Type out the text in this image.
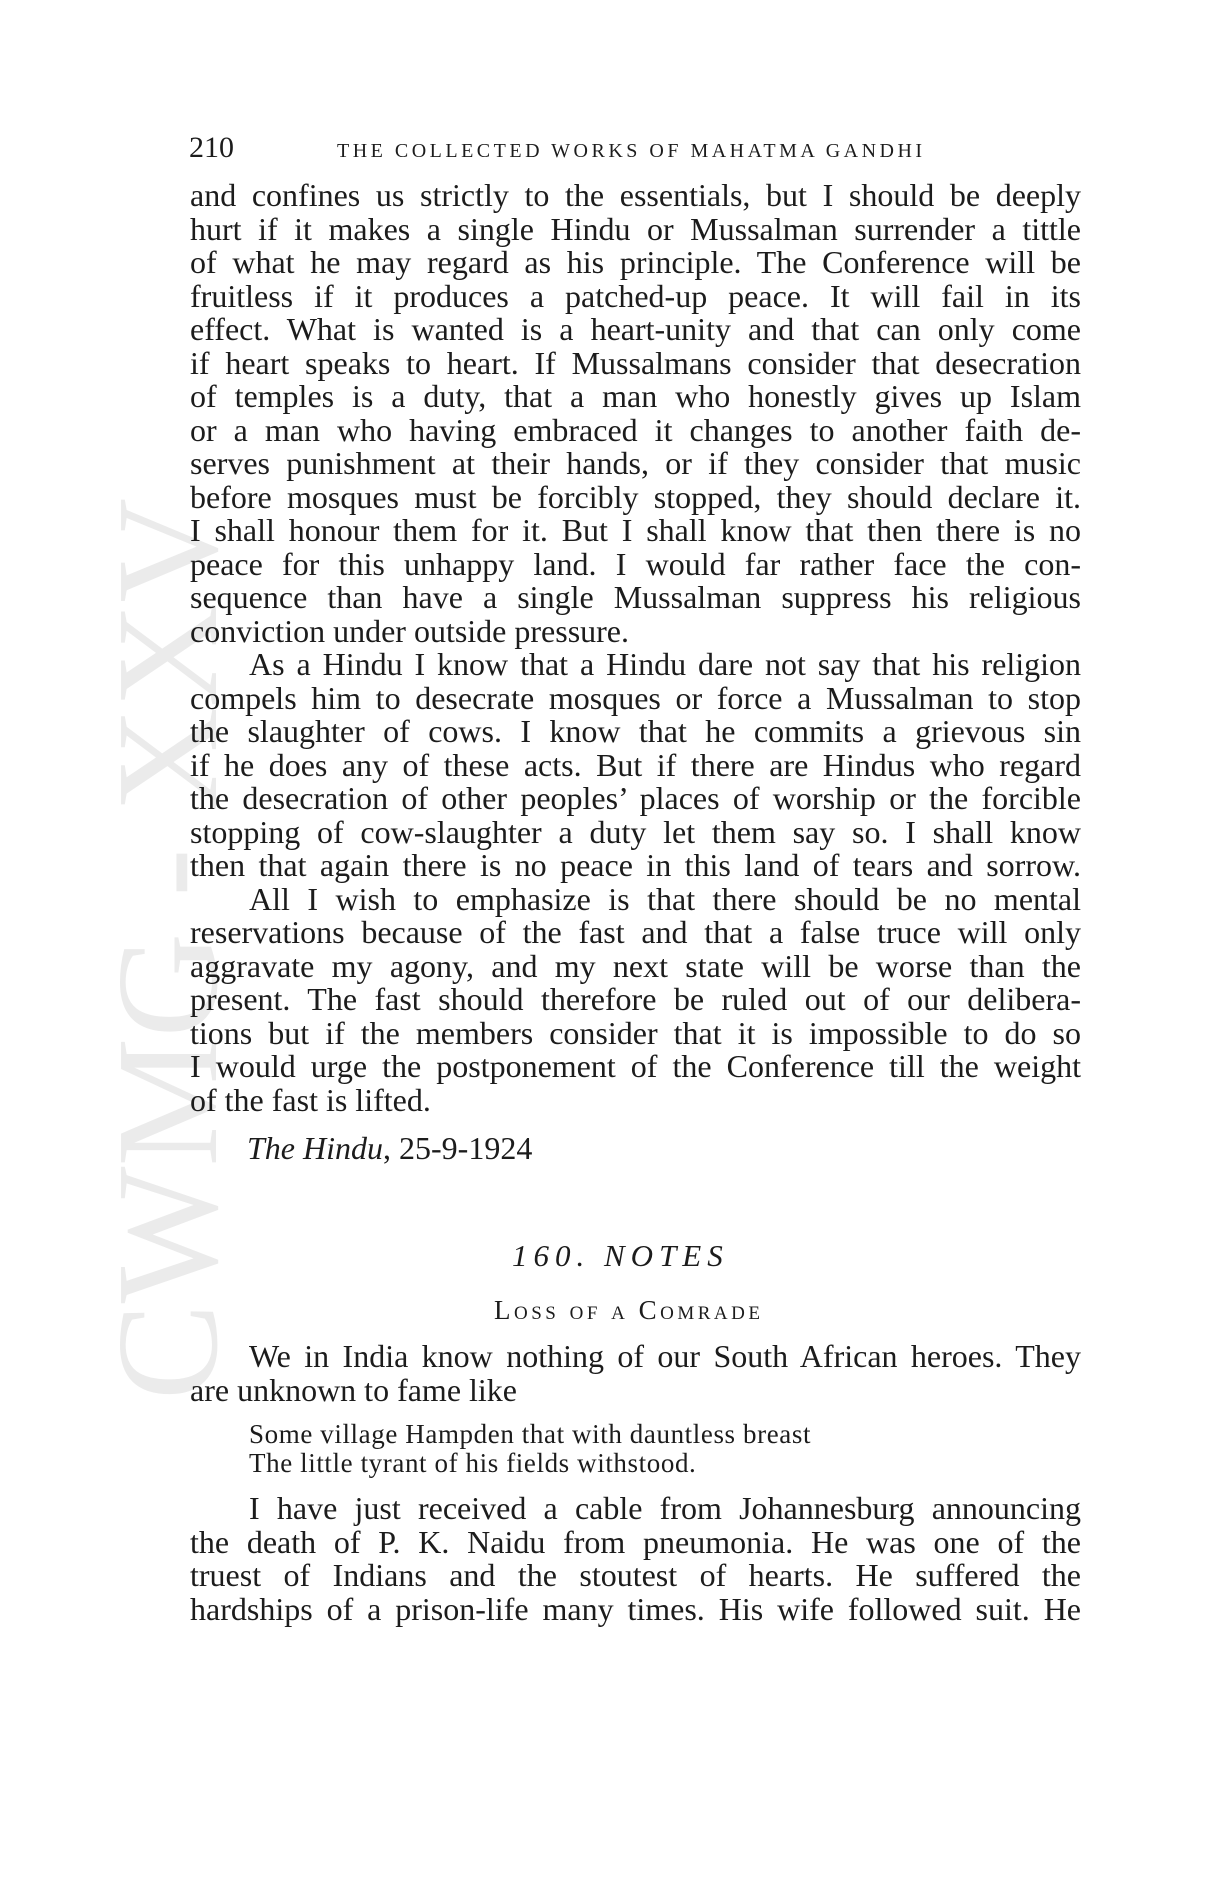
CWMG - XXV
210	THE COLLECTED WORKS OF MAHATMA GANDHI
and confines us strictly to the essentials, but I should be deeply
hurt if it makes a single Hindu or Mussalman surrender a tittle
of what he may regard as his principle. The Conference will be
fruitless if it produces a patched-up peace. It will fail in its
effect. What is wanted is a heart-unity and that can only come
if heart speaks to heart. If Mussalmans consider that desecration
of temples is a duty, that a man who honestly gives up Islam
or a man who having embraced it changes to another faith de-
serves punishment at their hands, or if they consider that music
before mosques must be forcibly stopped, they should declare it.
I shall honour them for it. But I shall know that then there is no
peace for this unhappy land. I would far rather face the con-
sequence than have a single Mussalman suppress his religious
conviction under outside pressure.
As a Hindu I know that a Hindu dare not say that his religion
compels him to desecrate mosques or force a Mussalman to stop
the slaughter of cows. I know that he commits a grievous sin
if he does any of these acts. But if there are Hindus who regard
the desecration of other peoples’ places of worship or the forcible
stopping of cow-slaughter a duty let them say so. I shall know
then that again there is no peace in this land of tears and sorrow.
All I wish to emphasize is that there should be no mental
reservations because of the fast and that a false truce will only
aggravate my agony, and my next state will be worse than the
present. The fast should therefore be ruled out of our delibera-
tions but if the members consider that it is impossible to do so
I would urge the postponement of the Conference till the weight
of the fast is lifted.
The Hindu, 25-9-1924
160. NOTES
Loss of a Comrade
We in India know nothing of our South African heroes. They
are unknown to fame like
Some village Hampden that with dauntless breast
The little tyrant of his fields withstood.
I have just received a cable from Johannesburg announcing
the death of P. K. Naidu from pneumonia. He was one of the
truest of Indians and the stoutest of hearts. He suffered the
hardships of a prison-life many times. His wife followed suit. He
